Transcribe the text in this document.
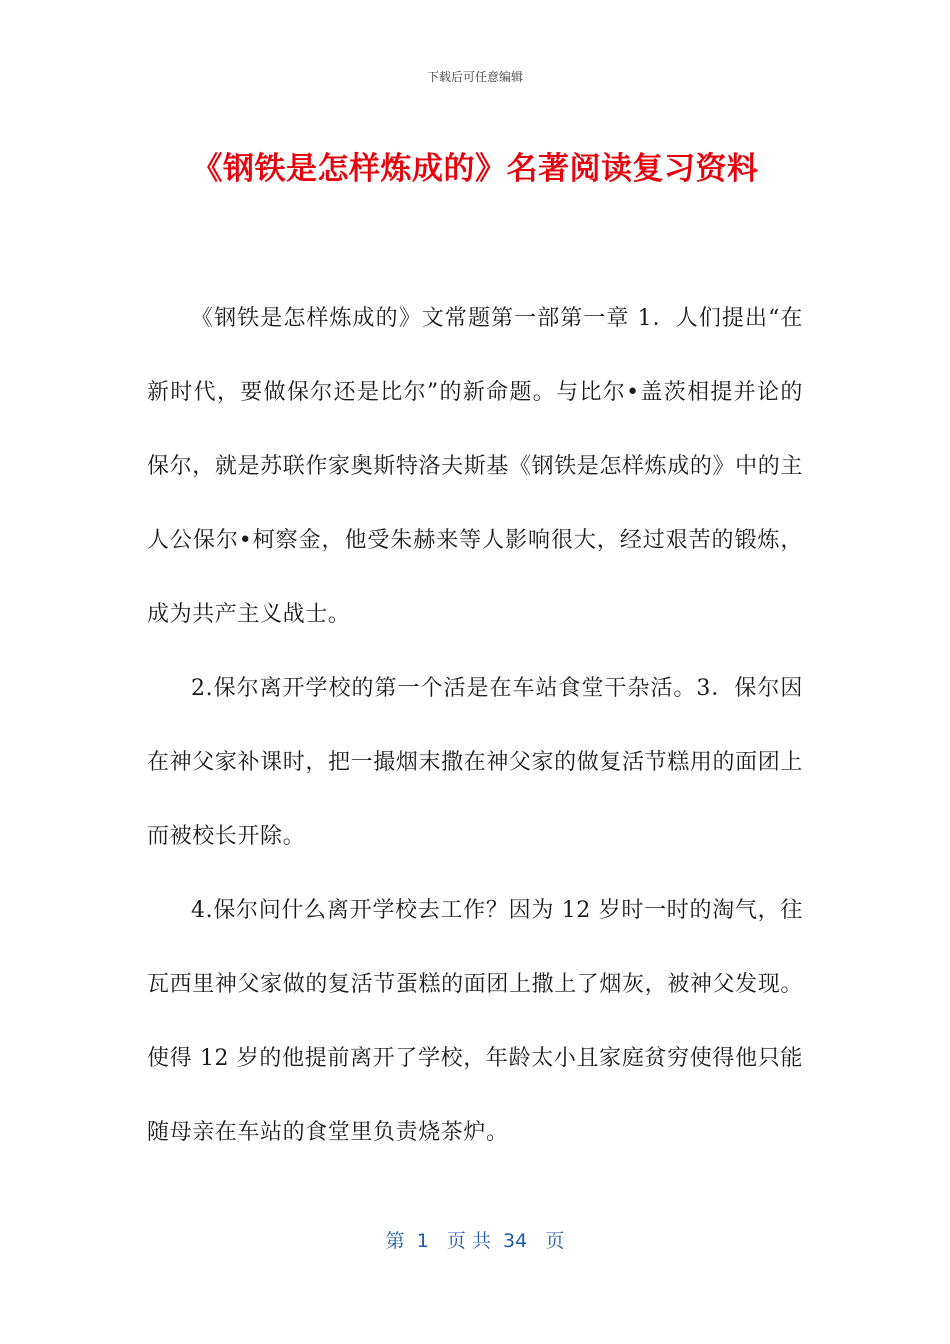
下载后可任意编辑
《钢铁是怎样炼成的》名著阅读复习资料

《钢铁是怎样炼成的》文常题第一部第一章 1．人们提出“在新时代，要做保尔还是比尔”的新命题。与比尔•盖茨相提并论的保尔，就是苏联作家奥斯特洛夫斯基《钢铁是怎样炼成的》中的主人公保尔•柯察金，他受朱赫来等人影响很大，经过艰苦的锻炼，成为共产主义战士。

2.保尔离开学校的第一个活是在车站食堂干杂活。3．保尔因在神父家补课时，把一撮烟末撒在神父家的做复活节糕用的面团上而被校长开除。

4.保尔问什么离开学校去工作？因为 12 岁时一时的淘气，往瓦西里神父家做的复活节蛋糕的面团上撒上了烟灰，被神父发现。使得 12 岁的他提前离开了学校，年龄太小且家庭贫穷使得他只能随母亲在车站的食堂里负责烧茶炉。

第  1   页 共  34   页
